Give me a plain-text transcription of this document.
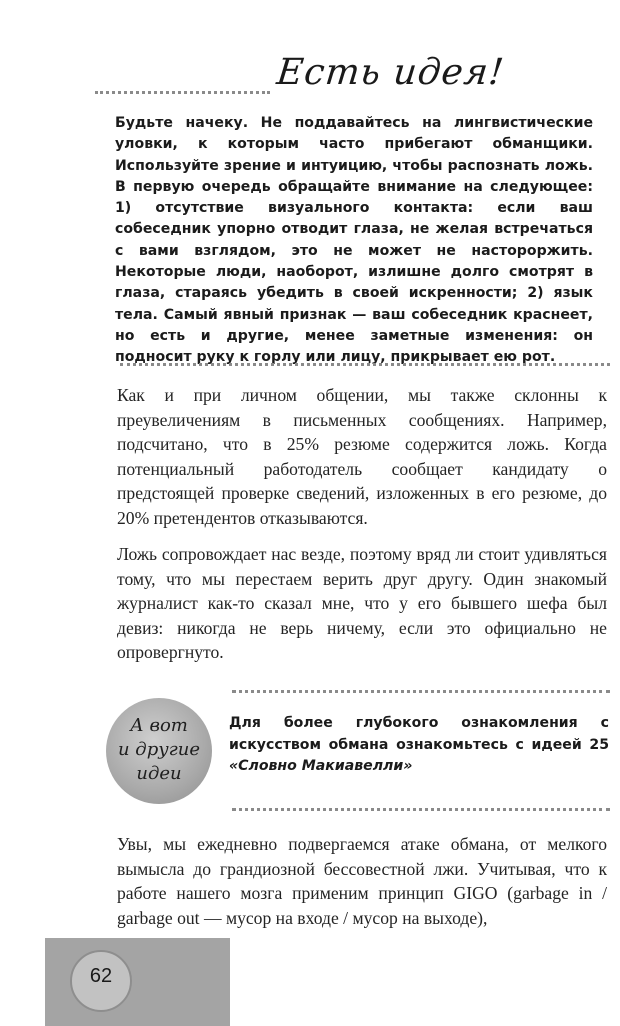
Есть идея!
Будьте начеку. Не поддавайтесь на лингвистические уловки, к которым часто прибегают обманщики. Используйте зрение и интуицию, чтобы распознать ложь. В первую очередь обращайте внимание на следующее: 1) отсутствие визуального контакта: если ваш собеседник упорно отводит глаза, не желая встречаться с вами взглядом, это не может не настороржить. Некоторые люди, наоборот, излишне долго смотрят в глаза, стараясь убедить в своей искренности; 2) язык тела. Самый явный признак — ваш собеседник краснеет, но есть и другие, менее заметные изменения: он подносит руку к горлу или лицу, прикрывает ею рот.
Как и при личном общении, мы также склонны к преувеличениям в письменных сообщениях. Например, подсчитано, что в 25% резюме содержится ложь. Когда потенциальный работодатель сообщает кандидату о предстоящей проверке сведений, изложенных в его резюме, до 20% претендентов отказываются.
Ложь сопровождает нас везде, поэтому вряд ли стоит удивляться тому, что мы перестаем верить друг другу. Один знакомый журналист как-то сказал мне, что у его бывшего шефа был девиз: никогда не верь ничему, если это официально не опровергнуто.
А вот
и другие
идеи
Для более глубокого ознакомления с искусством обмана ознакомьтесь с идеей 25 «Словно Макиавелли»
Увы, мы ежедневно подвергаемся атаке обмана, от мелкого вымысла до грандиозной бессовестной лжи. Учитывая, что к работе нашего мозга применим принцип GIGO (garbage in / garbage out — мусор на входе / мусор на выходе),
62
